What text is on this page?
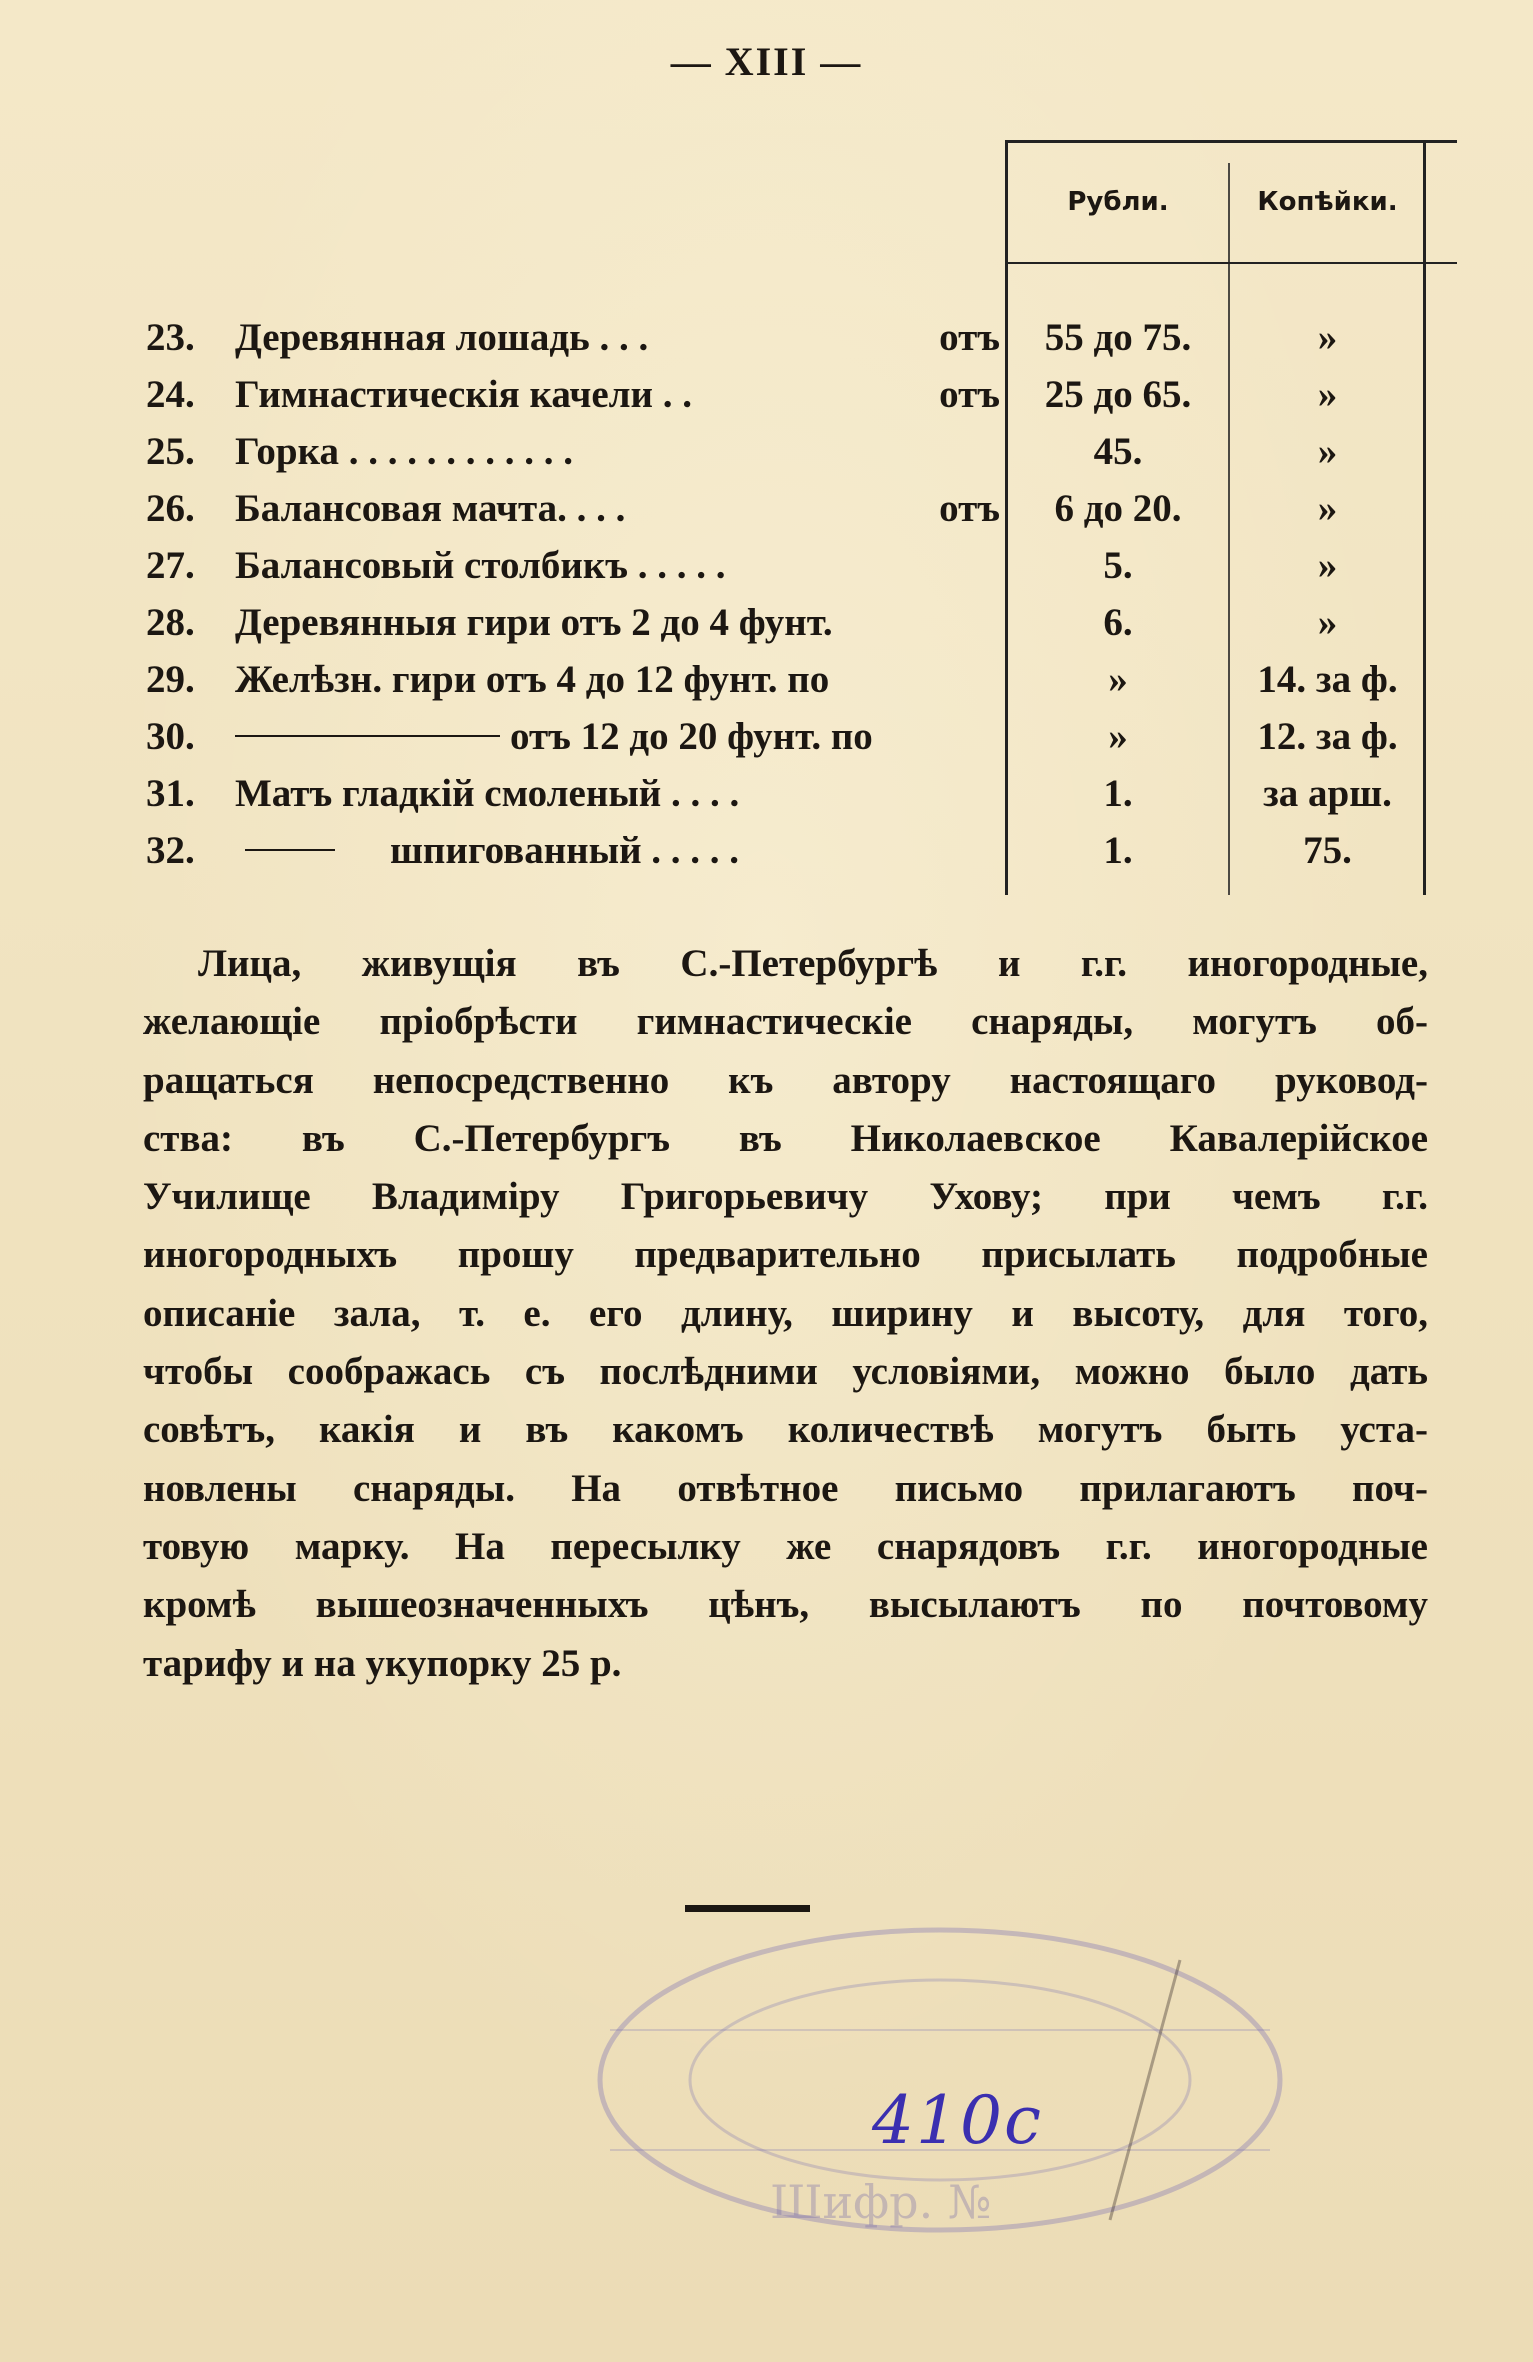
— XIII —
Рубли.	Копѣйки.
23.	Деревянная лошадь . . .	отъ	55 до 75.	»
24.	Гимнастическія качели . .	отъ	25 до 65.	»
25.	Горка . . . . . . . . . . . .	45.	»
26.	Балансовая мачта. . . .	отъ	6 до 20.	»
27.	Балансовый столбикъ . . . . .	5.	»
28.	Деревянныя гири отъ 2 до 4 фунт.	6.	»
29.	Желѣзн. гири отъ 4 до 12 фунт. по	»	14. за ф.
30.	отъ 12 до 20 фунт. по	»	12. за ф.
31.	Матъ гладкій смоленый . . . .	1.	за арш.
32.	шпигованный . . . . .	1.	75.
Лица, живущія въ С.-Петербургѣ и г.г. иногородные,
желающіе пріобрѣсти гимнастическіе снаряды, могутъ об-
ращаться непосредственно къ автору настоящаго руковод-
ства: въ С.-Петербургъ въ Николаевское Кавалерійское
Училище Владиміру Григорьевичу Ухову; при чемъ г.г.
иногородныхъ прошу предварительно присылать подробные
описаніе зала, т. е. его длину, ширину и высоту, для того,
чтобы соображась съ послѣдними условіями, можно было дать
совѣтъ, какія и въ какомъ количествѣ могутъ быть уста-
новлены снаряды. На отвѣтное письмо прилагаютъ поч-
товую марку. На пересылку же снарядовъ г.г. иногородные
кромѣ вышеозначенныхъ цѣнъ, высылаютъ по почтовому
тарифу и на укупорку 25 р.
Шифр. №
410с
